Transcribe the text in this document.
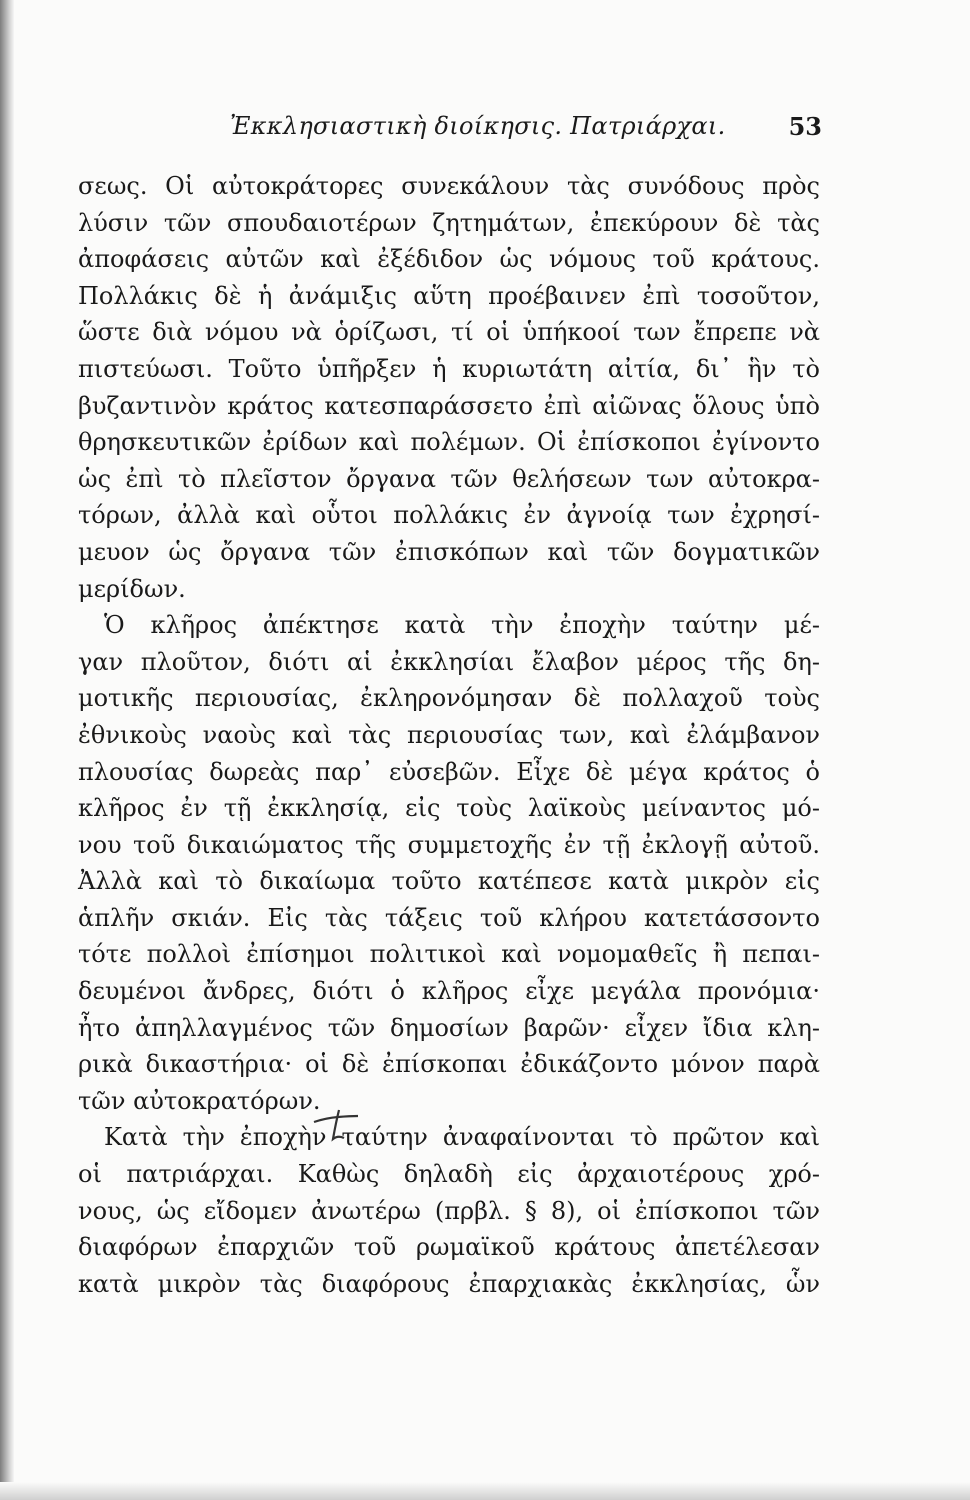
Ἐκκλησιαστικὴ διοίκησις. Πατριάρχαι.	53
σεως. Οἱ αὐτοκράτορες συνεκάλουν τὰς συνόδους πρὸς
λύσιν τῶν σπουδαιοτέρων ζητημάτων, ἐπεκύρουν δὲ τὰς
ἀποφάσεις αὐτῶν καὶ ἐξέδιδον ὡς νόμους τοῦ κράτους.
Πολλάκις δὲ ἡ ἀνάμιξις αὕτη προέβαινεν ἐπὶ τοσοῦτον,
ὥστε διὰ νόμου νὰ ὁρίζωσι, τί οἱ ὑπήκοοί των ἔπρεπε νὰ
πιστεύωσι. Τοῦτο ὑπῆρξεν ἡ κυριωτάτη αἰτία, δι᾽ ἣν τὸ
βυζαντινὸν κράτος κατεσπαράσσετο ἐπὶ αἰῶνας ὅλους ὑπὸ
θρησκευτικῶν ἐρίδων καὶ πολέμων. Οἱ ἐπίσκοποι ἐγίνοντο
ὡς ἐπὶ τὸ πλεῖστον ὄργανα τῶν θελήσεων των αὐτοκρα-
τόρων, ἀλλὰ καὶ οὗτοι πολλάκις ἐν ἀγνοίᾳ των ἐχρησί-
μευον ὡς ὄργανα τῶν ἐπισκόπων καὶ τῶν δογματικῶν
μερίδων.
Ὁ κλῆρος ἀπέκτησε κατὰ τὴν ἐποχὴν ταύτην μέ-
γαν πλοῦτον, διότι αἱ ἐκκλησίαι ἔλαβον μέρος τῆς δη-
μοτικῆς περιουσίας, ἐκληρονόμησαν δὲ πολλαχοῦ τοὺς
ἐθνικοὺς ναοὺς καὶ τὰς περιουσίας των, καὶ ἐλάμβανον
πλουσίας δωρεὰς παρ᾽ εὐσεβῶν. Εἶχε δὲ μέγα κράτος ὁ
κλῆρος ἐν τῇ ἐκκλησίᾳ, εἰς τοὺς λαϊκοὺς μείναντος μό-
νου τοῦ δικαιώματος τῆς συμμετοχῆς ἐν τῇ ἐκλογῇ αὐτοῦ.
Ἀλλὰ καὶ τὸ δικαίωμα τοῦτο κατέπεσε κατὰ μικρὸν εἰς
ἁπλῆν σκιάν. Εἰς τὰς τάξεις τοῦ κλήρου κατετάσσοντο
τότε πολλοὶ ἐπίσημοι πολιτικοὶ καὶ νομομαθεῖς ἢ πεπαι-
δευμένοι ἄνδρες, διότι ὁ κλῆρος εἶχε μεγάλα προνόμια·
ἦτο ἀπηλλαγμένος τῶν δημοσίων βαρῶν· εἶχεν ἴδια κλη-
ρικὰ δικαστήρια· οἱ δὲ ἐπίσκοπαι ἐδικάζοντο μόνον παρὰ
τῶν αὐτοκρατόρων.
Κατὰ τὴν ἐποχὴν ταύτην ἀναφαίνονται τὸ πρῶτον καὶ
οἱ πατριάρχαι. Καθὼς δηλαδὴ εἰς ἀρχαιοτέρους χρό-
νους, ὡς εἴδομεν ἀνωτέρω (πρβλ. § 8), οἱ ἐπίσκοποι τῶν
διαφόρων ἐπαρχιῶν τοῦ ρωμαϊκοῦ κράτους ἀπετέλεσαν
κατὰ μικρὸν τὰς διαφόρους ἐπαρχιακὰς ἐκκλησίας, ὧν
